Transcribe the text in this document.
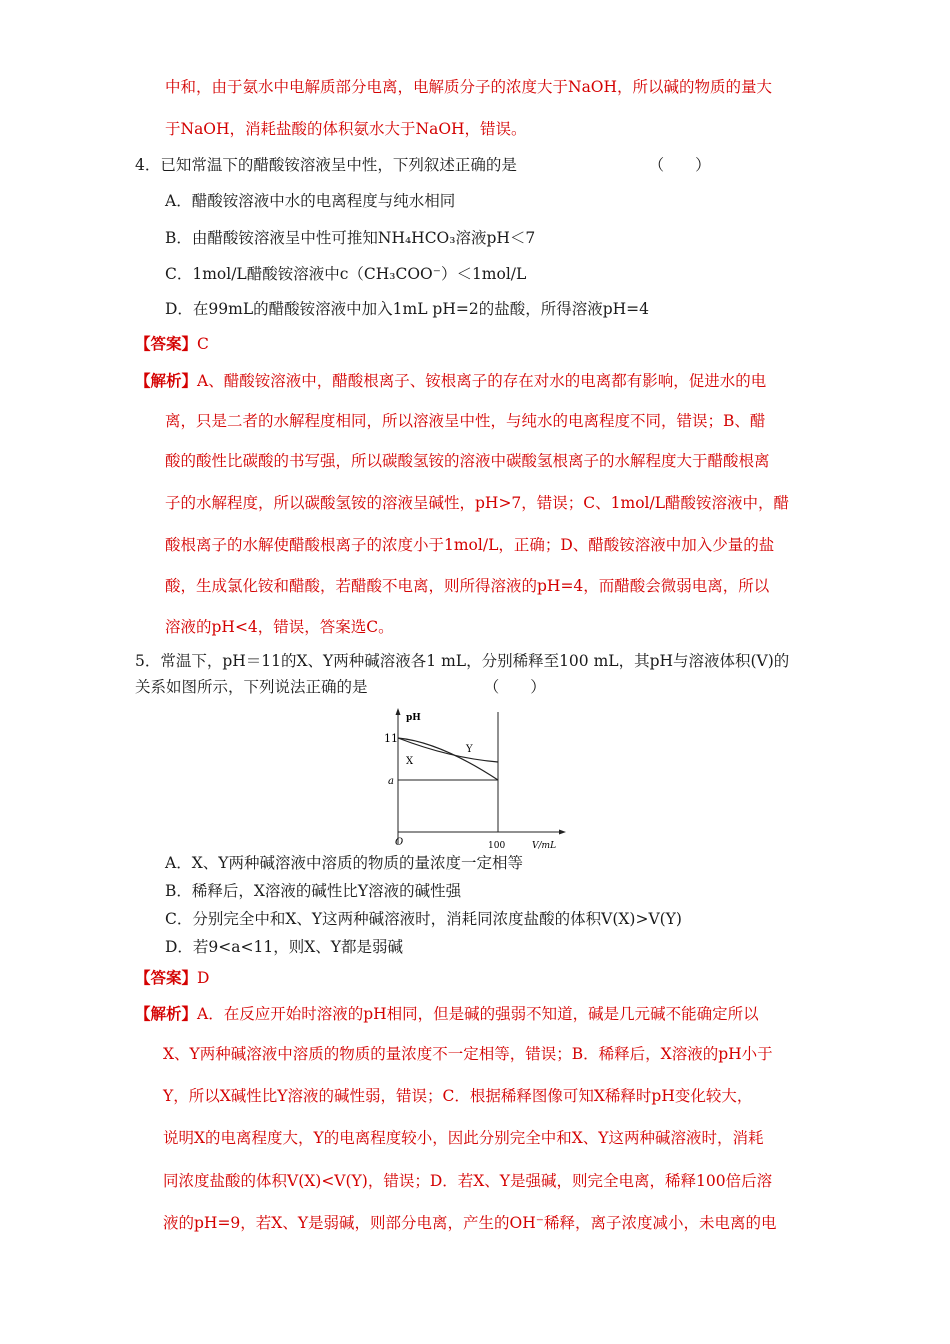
中和，由于氨水中电解质部分电离，电解质分子的浓度大于NaOH，所以碱的物质的量大
于NaOH，消耗盐酸的体积氨水大于NaOH，错误。
4．已知常温下的醋酸铵溶液呈中性，下列叙述正确的是　　　　　　　　　（　　）
A．醋酸铵溶液中水的电离程度与纯水相同
B．由醋酸铵溶液呈中性可推知NH₄HCO₃溶液pH＜7
C．1mol/L醋酸铵溶液中c（CH₃COO⁻）＜1mol/L
D．在99mL的醋酸铵溶液中加入1mL pH=2的盐酸，所得溶液pH=4
【答案】C
【解析】A、醋酸铵溶液中，醋酸根离子、铵根离子的存在对水的电离都有影响，促进水的电
离，只是二者的水解程度相同，所以溶液呈中性，与纯水的电离程度不同，错误；B、醋
酸的酸性比碳酸的书写强，所以碳酸氢铵的溶液中碳酸氢根离子的水解程度大于醋酸根离
子的水解程度，所以碳酸氢铵的溶液呈碱性，pH>7，错误；C、1mol/L醋酸铵溶液中，醋
酸根离子的水解使醋酸根离子的浓度小于1mol/L，正确；D、醋酸铵溶液中加入少量的盐
酸，生成氯化铵和醋酸，若醋酸不电离，则所得溶液的pH=4，而醋酸会微弱电离，所以
溶液的pH<4，错误，答案选C。
5．常温下，pH＝11的X、Y两种碱溶液各1 mL，分别稀释至100 mL，其pH与溶液体积(V)的
关系如图所示，下列说法正确的是　　　　　　　　（　　）
pH
11
a
O	100	V/mL
X
Y
A．X、Y两种碱溶液中溶质的物质的量浓度一定相等
B．稀释后，X溶液的碱性比Y溶液的碱性强
C．分别完全中和X、Y这两种碱溶液时，消耗同浓度盐酸的体积V(X)>V(Y)
D．若9<a<11，则X、Y都是弱碱
【答案】D
【解析】A．在反应开始时溶液的pH相同，但是碱的强弱不知道，碱是几元碱不能确定所以
X、Y两种碱溶液中溶质的物质的量浓度不一定相等，错误；B．稀释后，X溶液的pH小于
Y，所以X碱性比Y溶液的碱性弱，错误；C．根据稀释图像可知X稀释时pH变化较大，
说明X的电离程度大，Y的电离程度较小，因此分别完全中和X、Y这两种碱溶液时，消耗
同浓度盐酸的体积V(X)<V(Y)，错误；D．若X、Y是强碱，则完全电离，稀释100倍后溶
液的pH=9，若X、Y是弱碱，则部分电离，产生的OH⁻稀释，离子浓度减小，未电离的电
